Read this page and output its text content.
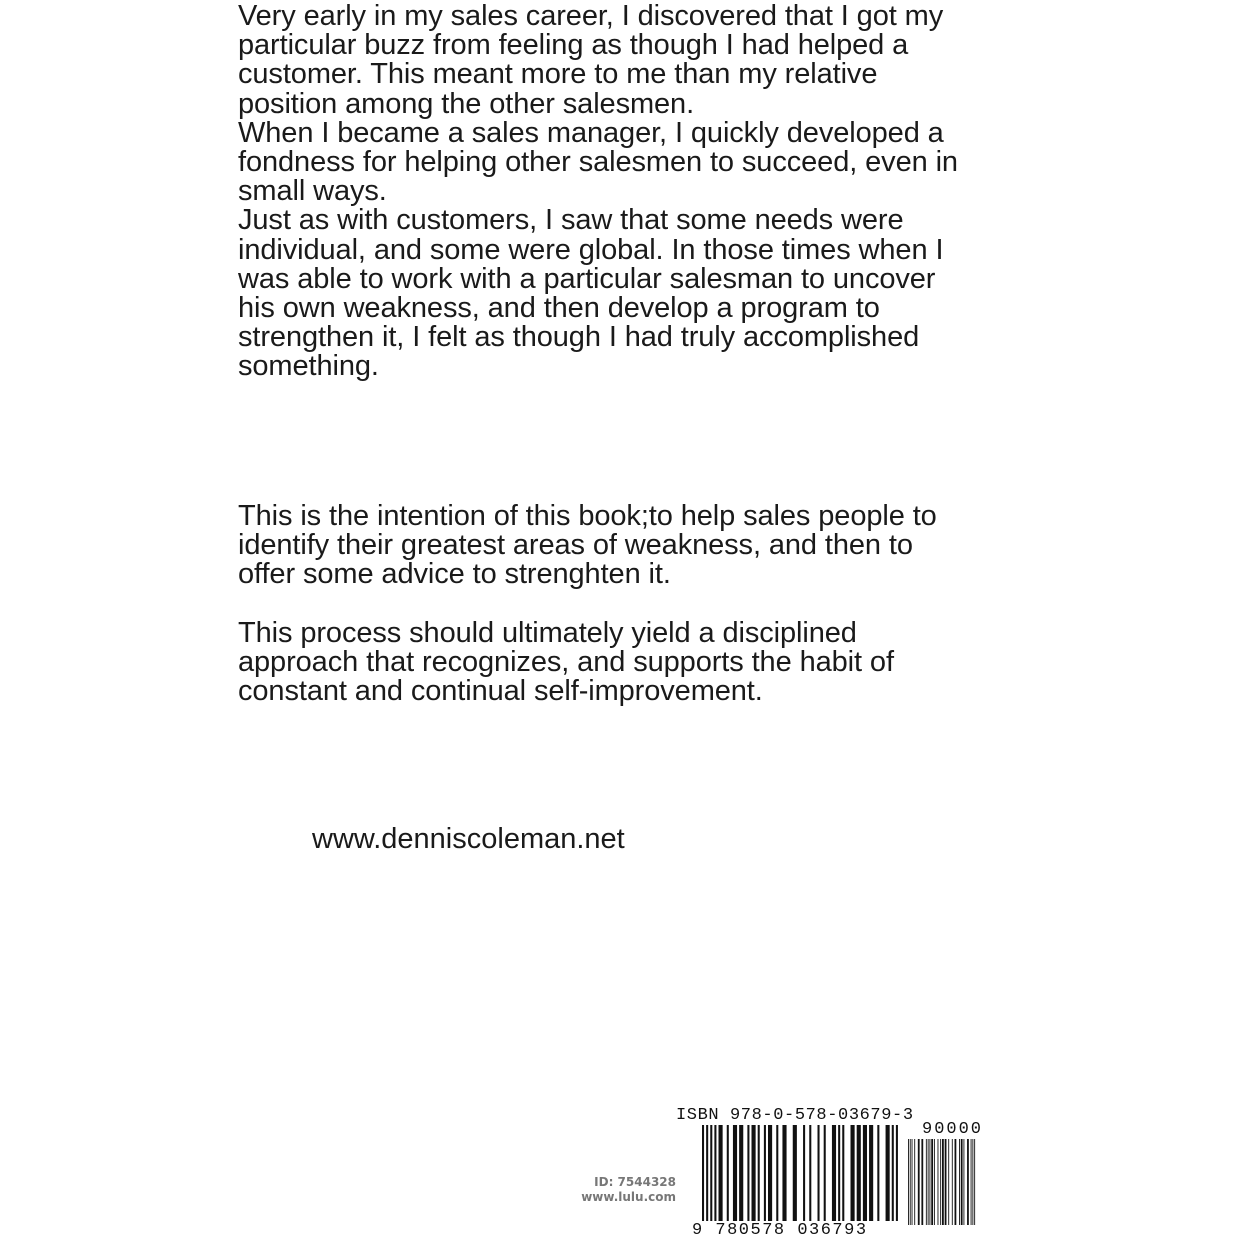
Very early in my sales career, I discovered that I got my
particular buzz from feeling as though I had helped a
customer. This meant more to me than my relative
position among the other salesmen.

When I became a sales manager, I quickly developed a
fondness for helping other salesmen to succeed, even in
small ways.

Just as with customers, I saw that some needs were
individual, and some were global. In those times when I
was able to work with a particular salesman to uncover
his own weakness, and then develop a program to
strengthen it, I felt as though I had truly accomplished
something.

This is the intention of this book;to help sales people to
identify their greatest areas of weakness, and then to
offer some advice to strenghten it.

This process should ultimately yield a disciplined
approach that recognizes, and supports the habit of
constant and continual self-improvement.

www.denniscoleman.net
ID: 7544328
www.lulu.com
ISBN 978-0-578-03679-3
90000
9 780578 036793
